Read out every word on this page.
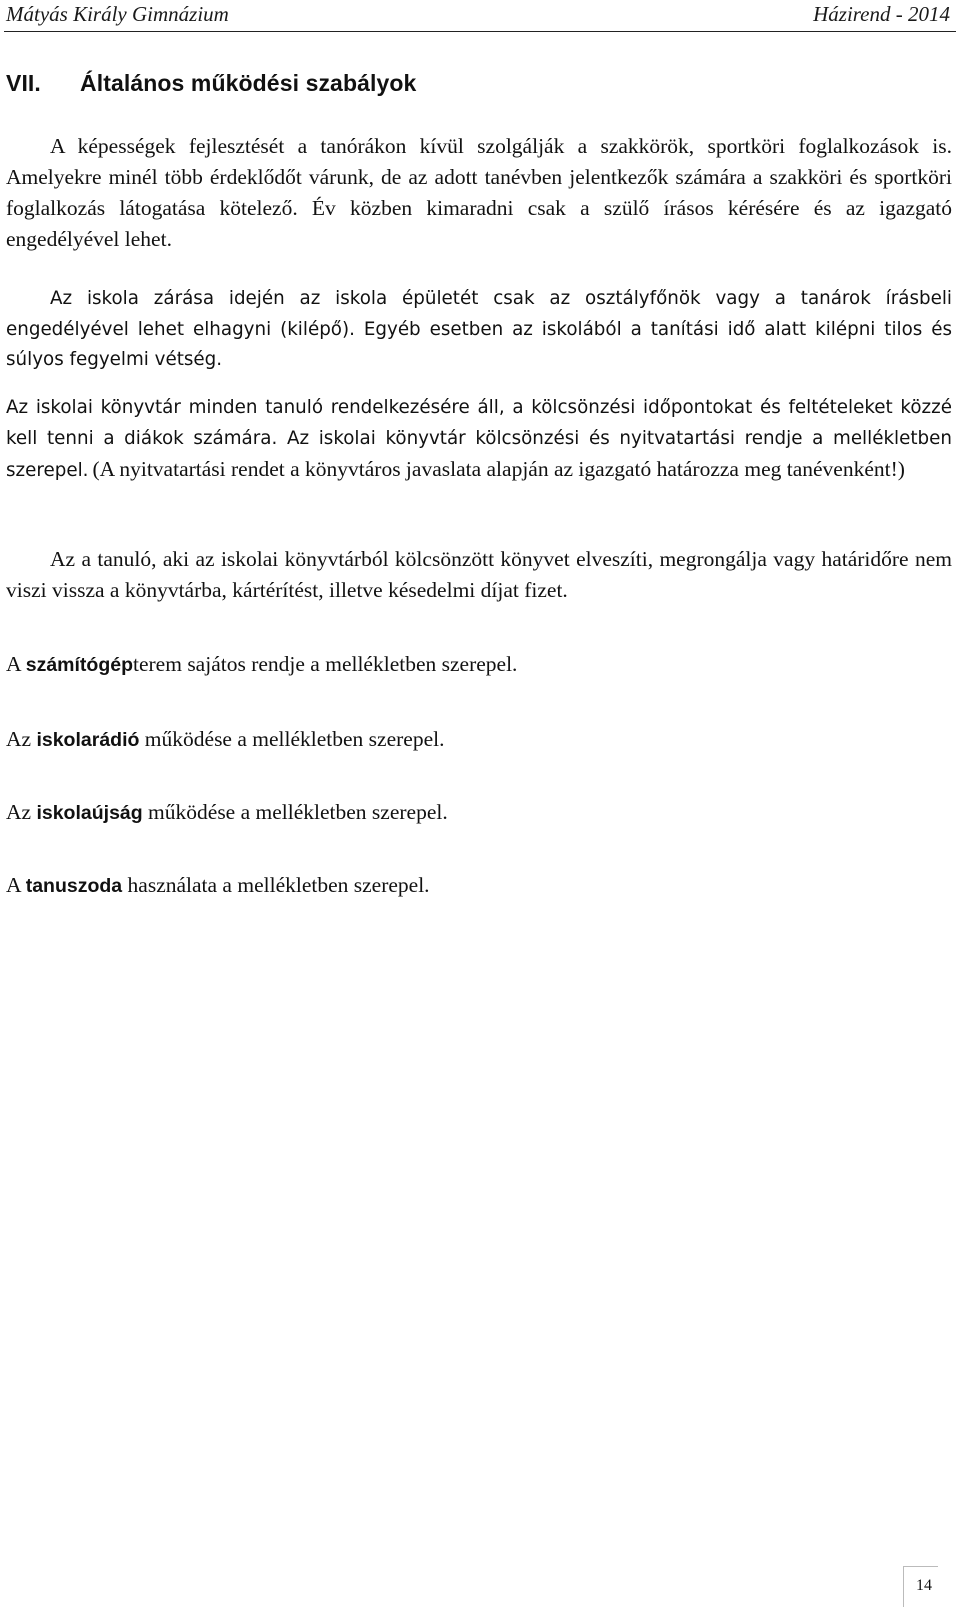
Mátyás Király Gimnázium	Házirend - 2014
VII. Általános működési szabályok

A képességek fejlesztését a tanórákon kívül szolgálják a szakkörök, sportköri foglalkozások is. Amelyekre minél több érdeklődőt várunk, de az adott tanévben jelentkezők számára a szakköri és sportköri foglalkozás látogatása kötelező. Év közben kimaradni csak a szülő írásos kérésére és az igazgató engedélyével lehet.

Az iskola zárása idején az iskola épületét csak az osztályfőnök vagy a tanárok írásbeli engedélyével lehet elhagyni (kilépő). Egyéb esetben az iskolából a tanítási idő alatt kilépni tilos és súlyos fegyelmi vétség.

Az iskolai könyvtár minden tanuló rendelkezésére áll, a kölcsönzési időpontokat és feltételeket közzé kell tenni a diákok számára. Az iskolai könyvtár kölcsönzési és nyitvatartási rendje a mellékletben szerepel. (A nyitvatartási rendet a könyvtáros javaslata alapján az igazgató határozza meg tanévenként!)

Az a tanuló, aki az iskolai könyvtárból kölcsönzött könyvet elveszíti, megrongálja vagy határidőre nem viszi vissza a könyvtárba, kártérítést, illetve késedelmi díjat fizet.

A számítógépterem sajátos rendje a mellékletben szerepel.
Az iskolarádió működése a mellékletben szerepel.
Az iskolaújság működése a mellékletben szerepel.
A tanuszoda használata a mellékletben szerepel.
14
